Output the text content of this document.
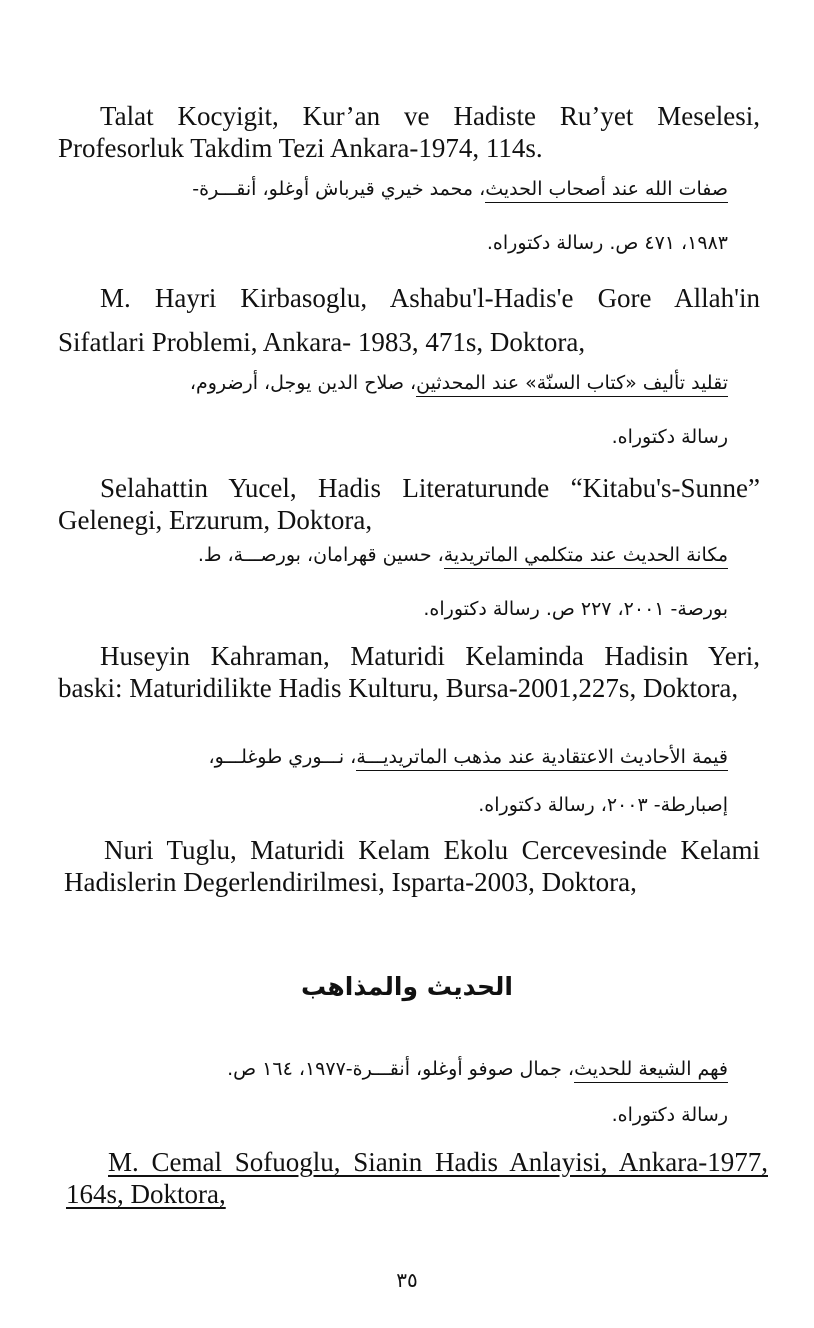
Talat Kocyigit, Kur’an ve Hadiste Ru’yet Meselesi, Profesorluk Takdim Tezi Ankara-1974, 114s.
صفات الله عند أصحاب الحديث، محمد خيري قيرباش أوغلو، أنقـــرة-
١٩٨٣، ٤٧١ ص. رسالة دكتوراه.
M. Hayri Kirbasoglu, Ashabu'l-Hadis'e Gore Allah'in Sifatlari Problemi, Ankara- 1983, 471s, Doktora,
تقليد تأليف «كتاب السنّة» عند المحدثين، صلاح الدين يوجل، أرضروم،
رسالة دكتوراه.
Selahattin Yucel, Hadis Literaturunde “Kitabu's-Sunne” Gelenegi, Erzurum, Doktora,
مكانة الحديث عند متكلمي الماتريدية، حسين قهرامان، بورصـــة، ط.
بورصة- ٢٠٠١، ٢٢٧ ص. رسالة دكتوراه.
Huseyin Kahraman, Maturidi Kelaminda Hadisin Yeri, baski: Maturidilikte Hadis Kulturu, Bursa-2001,227s, Doktora,
قيمة الأحاديث الاعتقادية عند مذهب الماتريديـــة، نـــوري طوغلـــو،
إصبارطة- ٢٠٠٣، رسالة دكتوراه.
Nuri Tuglu, Maturidi Kelam Ekolu Cercevesinde Kelami Hadislerin Degerlendirilmesi, Isparta-2003, Doktora,
الحديث والمذاهب
فهم الشيعة للحديث، جمال صوفو أوغلو، أنقـــرة-١٩٧٧، ١٦٤ ص.
رسالة دكتوراه.
M. Cemal Sofuoglu, Sianin Hadis Anlayisi, Ankara-1977, 164s, Doktora,
٣٥
